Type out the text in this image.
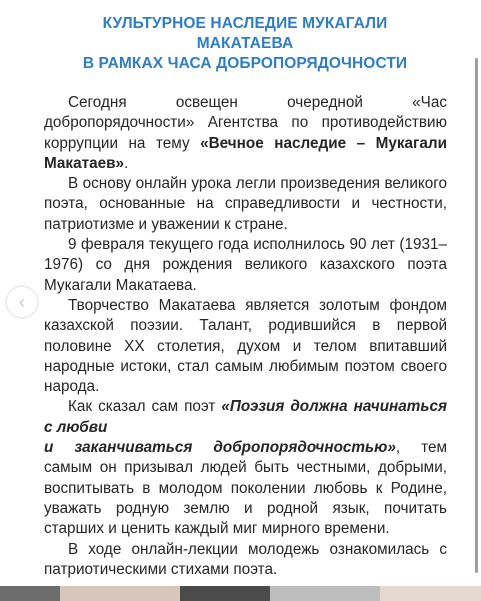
КУЛЬТУРНОЕ НАСЛЕДИЕ МУКАГАЛИ
МАКАТАЕВА
В РАМКАХ ЧАСА ДОБРОПОРЯДОЧНОСТИ

Сегодня освещен очередной «Час добропорядочности» Агентства по противодействию коррупции на тему «Вечное наследие – Мукагали Макатаев».

В основу онлайн урока легли произведения великого поэта, основанные на справедливости и честности, патриотизме и уважении к стране.

9 февраля текущего года исполнилось 90 лет (1931–1976) со дня рождения великого казахского поэта Мукагали Макатаева.

Творчество Макатаева является золотым фондом казахской поэзии. Талант, родившийся в первой половине XX столетия, духом и телом впитавший народные истоки, стал самым любимым поэтом своего народа.

Как сказал сам поэт «Поэзия должна начинаться с любви
и заканчиваться добропорядочностью», тем самым он призывал людей быть честными, добрыми, воспитывать в молодом поколении любовь к Родине, уважать родную землю и родной язык, почитать старших и ценить каждый миг мирного времени.

В ходе онлайн-лекции молодежь ознакомилась с патриотическими стихами поэта.

‹
